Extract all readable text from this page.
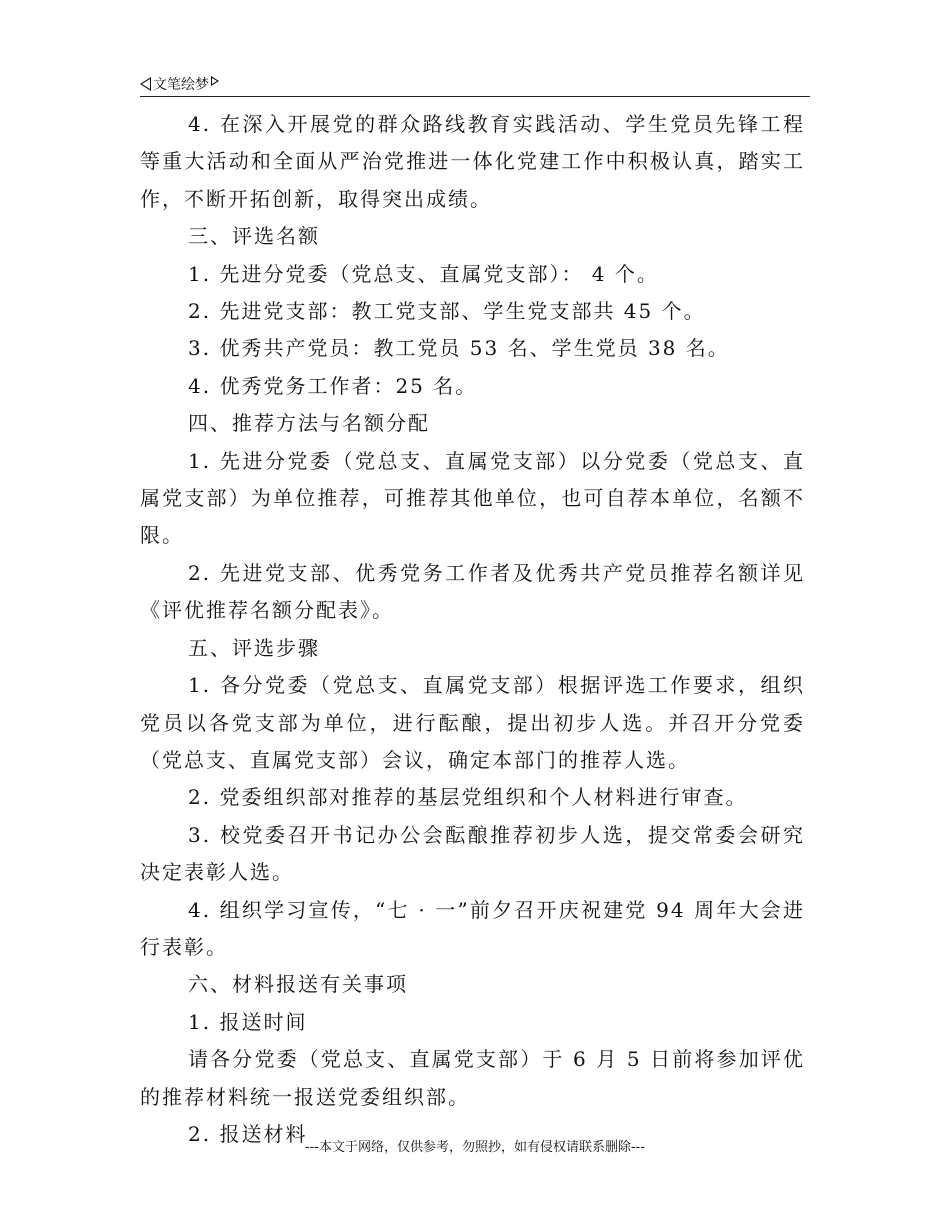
文笔绘梦

4. 在深入开展党的群众路线教育实践活动、学生党员先锋工程等重大活动和全面从严治党推进一体化党建工作中积极认真，踏实工作，不断开拓创新，取得突出成绩。

三、评选名额

1. 先进分党委（党总支、直属党支部）： 4 个。

2. 先进党支部：教工党支部、学生党支部共 45 个。

3. 优秀共产党员：教工党员 53 名、学生党员 38 名。

4. 优秀党务工作者：25 名。

四、推荐方法与名额分配

1. 先进分党委（党总支、直属党支部）以分党委（党总支、直属党支部）为单位推荐，可推荐其他单位，也可自荐本单位，名额不限。

2. 先进党支部、优秀党务工作者及优秀共产党员推荐名额详见《评优推荐名额分配表》。

五、评选步骤

1. 各分党委（党总支、直属党支部）根据评选工作要求，组织党员以各党支部为单位，进行酝酿，提出初步人选。并召开分党委（党总支、直属党支部）会议，确定本部门的推荐人选。

2. 党委组织部对推荐的基层党组织和个人材料进行审查。

3. 校党委召开书记办公会酝酿推荐初步人选，提交常委会研究决定表彰人选。

4. 组织学习宣传，“七 · 一”前夕召开庆祝建党 94 周年大会进行表彰。

六、材料报送有关事项

1. 报送时间

请各分党委（党总支、直属党支部）于 6 月 5 日前将参加评优的推荐材料统一报送党委组织部。

2. 报送材料

---本文于网络，仅供参考，勿照抄，如有侵权请联系删除---
